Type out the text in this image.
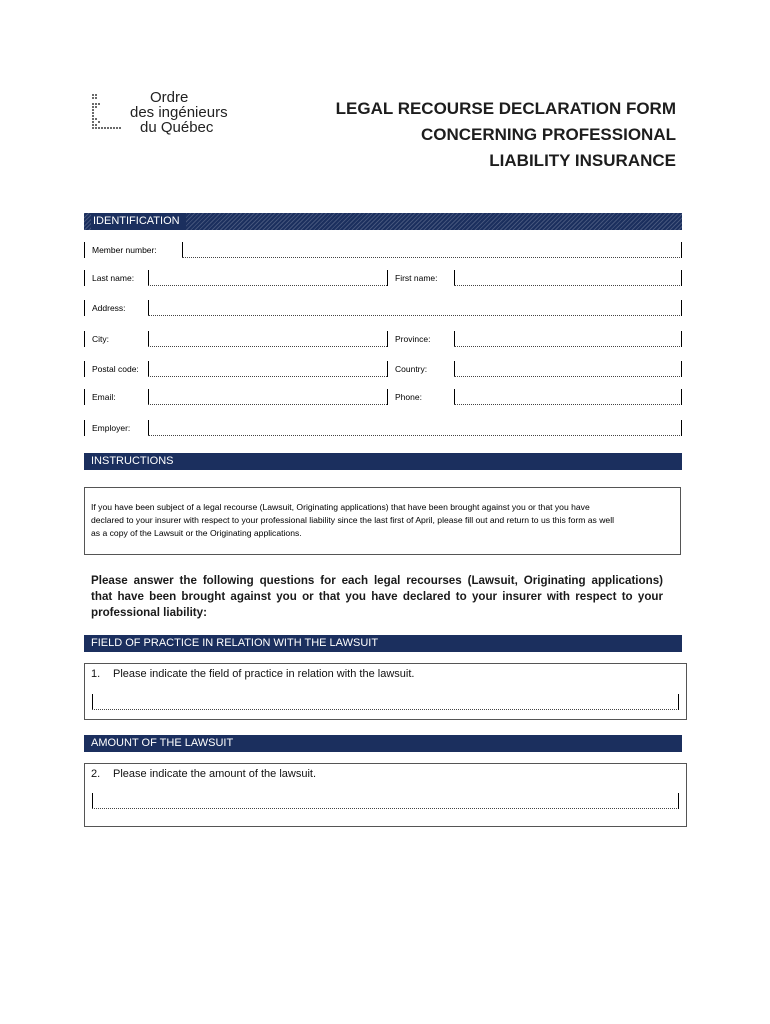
Ordre
des ingénieurs
du Québec
LEGAL RECOURSE DECLARATION FORM
CONCERNING PROFESSIONAL
LIABILITY INSURANCE
IDENTIFICATION
Member number:
Last name:	First name:
Address:
City:	Province:
Postal code:	Country:
Email:	Phone:
Employer:
INSTRUCTIONS
If you have been subject of a legal recourse (Lawsuit, Originating applications) that have been brought against you or that you have
declared to your insurer with respect to your professional liability since the last first of April, please fill out and return to us this form as well
as a copy of the Lawsuit or the Originating applications.
Please answer the following questions for each legal recourses (Lawsuit, Originating applications)
that have been brought against you or that you have declared to your insurer with respect to your
professional liability:
FIELD OF PRACTICE IN RELATION WITH THE LAWSUIT
1. Please indicate the field of practice in relation with the lawsuit.
AMOUNT OF THE LAWSUIT
2. Please indicate the amount of the lawsuit.
